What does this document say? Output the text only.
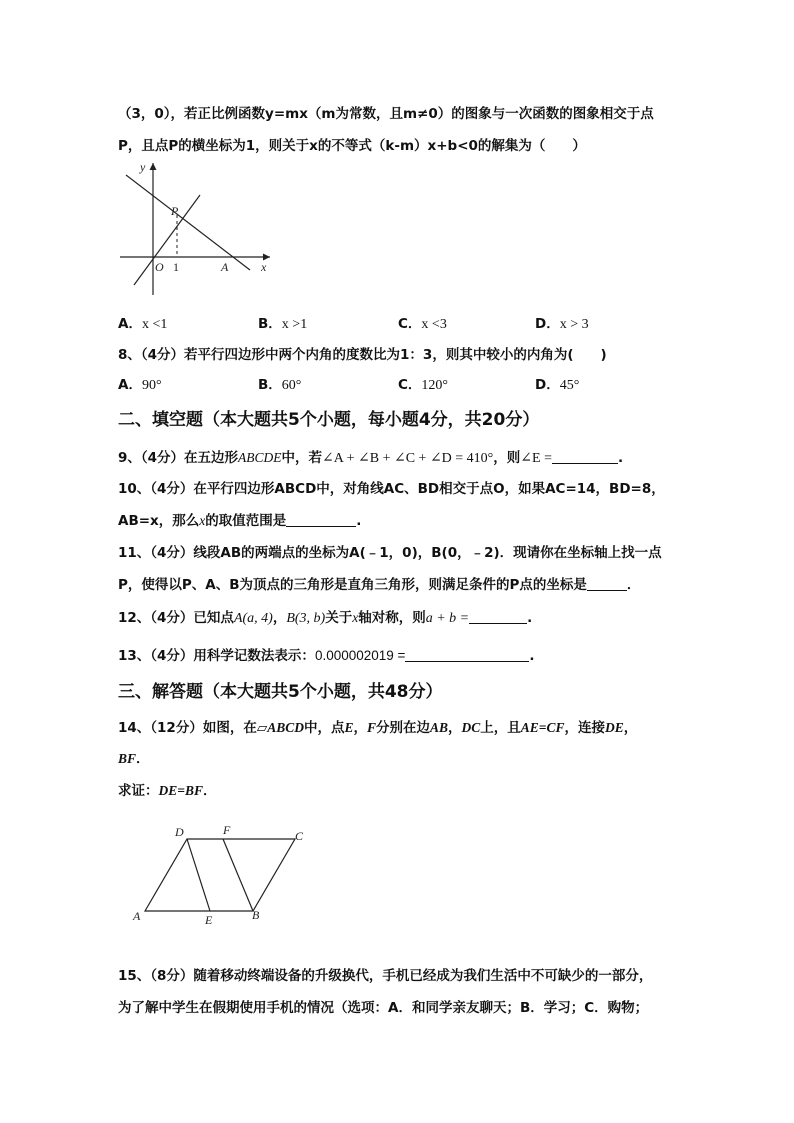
（3，0），若正比例函数y=mx（m为常数，且m≠0）的图象与一次函数的图象相交于点
P，且点P的横坐标为1，则关于x的不等式（k-m）x+b<0的解集为（　　）
y
P
O 1	A	x
A．x <1	B．x >1	C．x <3	D．x > 3
8、（4分）若平行四边形中两个内角的度数比为1：3，则其中较小的内角为(　　)
A．90°	B．60°	C．120°	D．45°
二、填空题（本大题共5个小题，每小题4分，共20分）
9、（4分）在五边形ABCDE中，若∠A + ∠B + ∠C + ∠D = 410°，则∠E =	.
10、（4分）在平行四边形ABCD中，对角线AC、BD相交于点O，如果AC=14，BD=8，
AB=x，那么x的取值范围是	.
11、（4分）线段AB的两端点的坐标为A(﹣1，0)，B(0，﹣2)．现请你在坐标轴上找一点
P，使得以P、A、B为顶点的三角形是直角三角形，则满足条件的P点的坐标是	．
12、（4分）已知点A(a, 4)，B(3, b)关于x轴对称，则a + b =	.
13、（4分）用科学记数法表示：0.000002019 =	.
三、解答题（本大题共5个小题，共48分）
14、（12分）如图，在▱ABCD中，点E，F分别在边AB，DC上，且AE=CF，连接DE，
BF．
求证：DE=BF．
D	F	C
A	E	B
15、（8分）随着移动终端设备的升级换代，手机已经成为我们生活中不可缺少的一部分，
为了解中学生在假期使用手机的情况（选项：A．和同学亲友聊天；B．学习；C．购物；
